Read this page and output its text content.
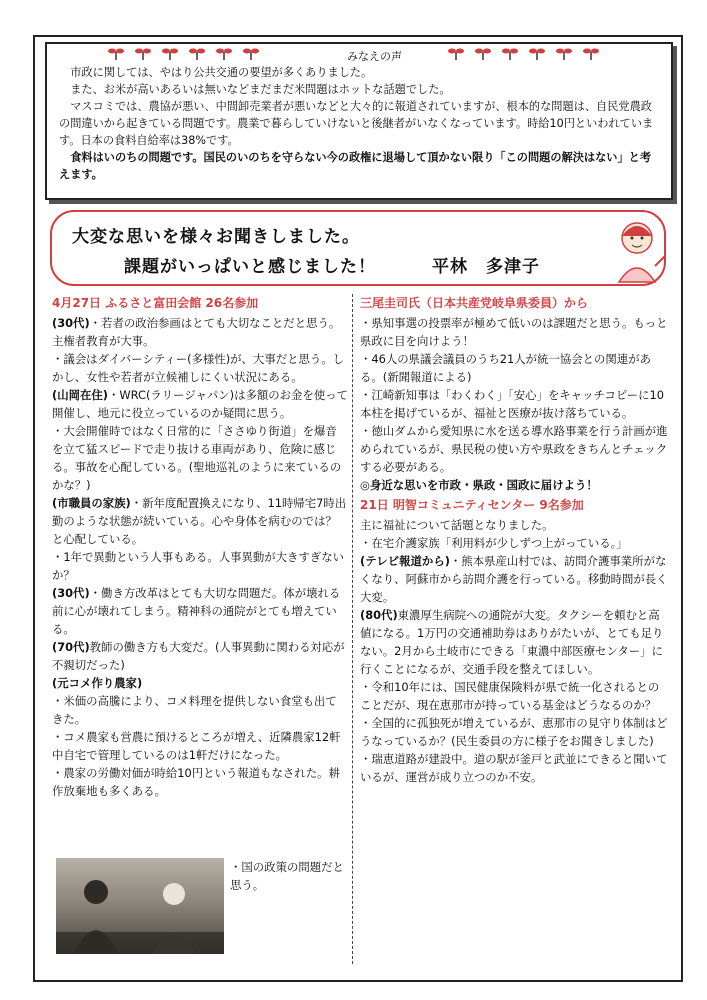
みなえの声

市政に関しては、やはり公共交通の要望が多くありました。

また、お米が高いあるいは無いなどまだまだ米問題はホットな話題でした。

マスコミでは、農協が悪い、中間卸売業者が悪いなどと大々的に報道されていますが、根本的な問題は、自民党農政の間違いから起きている問題です。農業で暮らしていけないと後継者がいなくなっています。時給10円といわれています。日本の食料自給率は38%です。

食料はいのちの問題です。国民のいのちを守らない今の政権に退場して頂かない限り「この問題の解決はない」と考えます。

大変な思いを様々お聞きしました。
課題がいっぱいと感じました！	平林　多津子
4月27日 ふるさと富田会館 26名参加

(30代)・若者の政治参画はとても大切なことだと思う。主権者教育が大事。

・議会はダイバーシティー(多様性)が、大事だと思う。しかし、女性や若者が立候補しにくい状況にある。

(山岡在住)・WRC(ラリージャパン)は多額のお金を使って開催し、地元に役立っているのか疑問に思う。

・大会開催時ではなく日常的に「ささゆり街道」を爆音を立て猛スピードで走り抜ける車両があり、危険に感じる。事故を心配している。(聖地巡礼のように来ているのかな？)

(市職員の家族)・新年度配置換えになり、11時帰宅7時出勤のような状態が続いている。心や身体を病むのでは？と心配している。

・1年で異動という人事もある。人事異動が大きすぎないか？

(30代)・働き方改革はとても大切な問題だ。体が壊れる前に心が壊れてしまう。精神科の通院がとても増えている。

(70代)教師の働き方も大変だ。(人事異動に関わる対応が不親切だった)

(元コメ作り農家)

・米価の高騰により、コメ料理を提供しない食堂も出てきた。

・コメ農家も営農に預けるところが増え、近隣農家12軒中自宅で管理しているのは1軒だけになった。

・農家の労働対価が時給10円という報道もなされた。耕作放棄地も多くある。

・国の政策の問題だと思う。
三尾圭司氏（日本共産党岐阜県委員）から

・県知事選の投票率が極めて低いのは課題だと思う。もっと県政に目を向けよう！

・46人の県議会議員のうち21人が統一協会との関連がある。(新聞報道による)

・江崎新知事は「わくわく」「安心」をキャッチコピーに10本柱を掲げているが、福祉と医療が抜け落ちている。

・徳山ダムから愛知県に水を送る導水路事業を行う計画が進められているが、県民税の使い方や県政をきちんとチェックする必要がある。

◎身近な思いを市政・県政・国政に届けよう！

21日 明智コミュニティセンター 9名参加

主に福祉について話題となりました。

・在宅介護家族「利用料が少しずつ上がっている。」

(テレビ報道から)・熊本県産山村では、訪問介護事業所がなくなり、阿蘇市から訪問介護を行っている。移動時間が長く大変。

(80代)東濃厚生病院への通院が大変。タクシーを頼むと高値になる。1万円の交通補助券はありがたいが、とても足りない。2月から土岐市にできる「東濃中部医療センター」に行くことになるが、交通手段を整えてほしい。

・令和10年には、国民健康保険料が県で統一化されるとのことだが、現在恵那市が持っている基金はどうなるのか？

・全国的に孤独死が増えているが、恵那市の見守り体制はどうなっているか？(民生委員の方に様子をお聞きしました)

・瑞恵道路が建設中。道の駅が釜戸と武並にできると聞いているが、運営が成り立つのか不安。
